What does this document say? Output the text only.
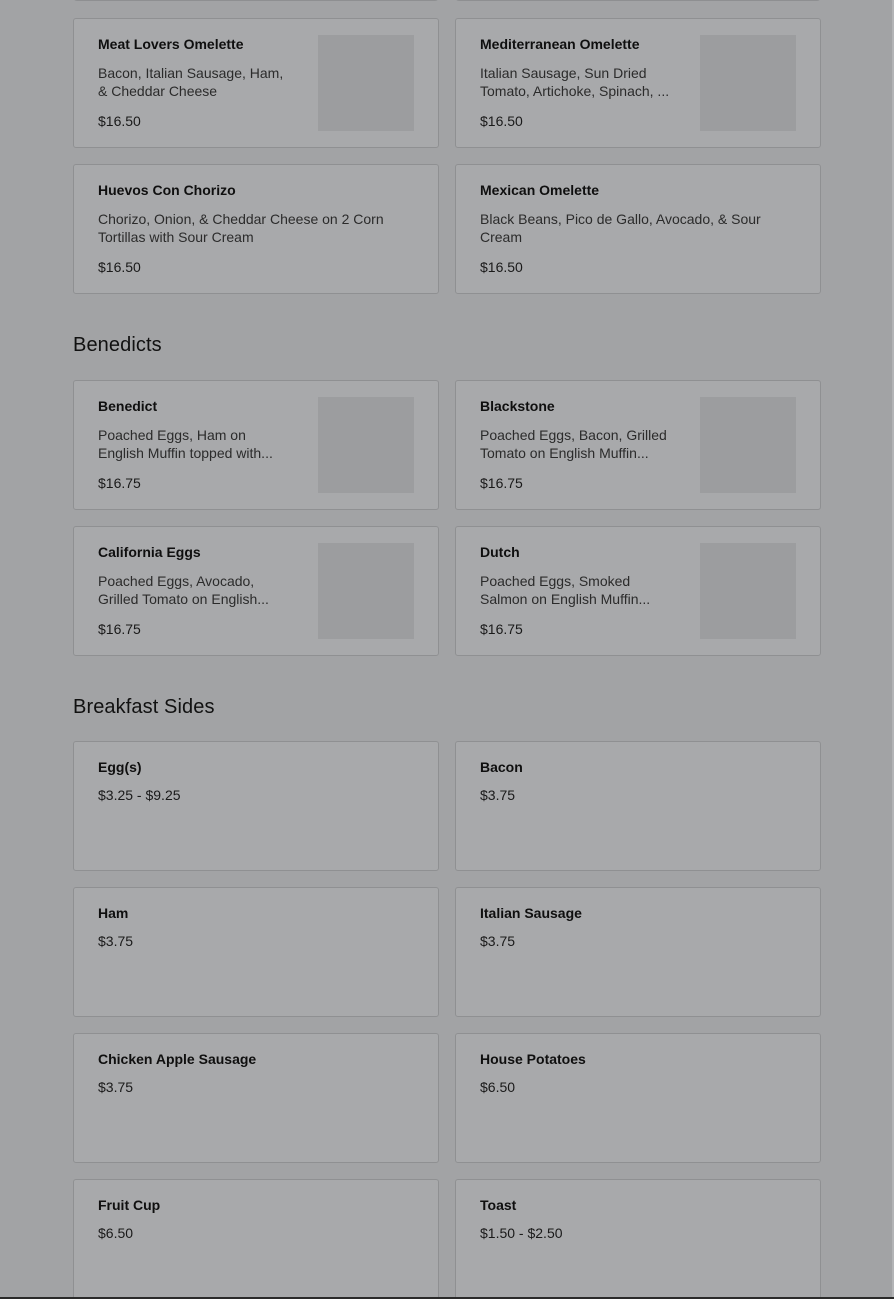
Meat Lovers Omelette
Bacon, Italian Sausage, Ham, & Cheddar Cheese
$16.50
Mediterranean Omelette
Italian Sausage, Sun Dried Tomato, Artichoke, Spinach, ...
$16.50
Huevos Con Chorizo
Chorizo, Onion, & Cheddar Cheese on 2 Corn Tortillas with Sour Cream
$16.50
Mexican Omelette
Black Beans, Pico de Gallo, Avocado, & Sour Cream
$16.50
Benedicts
Benedict
Poached Eggs, Ham on English Muffin topped with...
$16.75
Blackstone
Poached Eggs, Bacon, Grilled Tomato on English Muffin...
$16.75
California Eggs
Poached Eggs, Avocado, Grilled Tomato on English...
$16.75
Dutch
Poached Eggs, Smoked Salmon on English Muffin...
$16.75
Breakfast Sides
Egg(s)
$3.25 - $9.25
Bacon
$3.75
Ham
$3.75
Italian Sausage
$3.75
Chicken Apple Sausage
$3.75
House Potatoes
$6.50
Fruit Cup
$6.50
Toast
$1.50 - $2.50
